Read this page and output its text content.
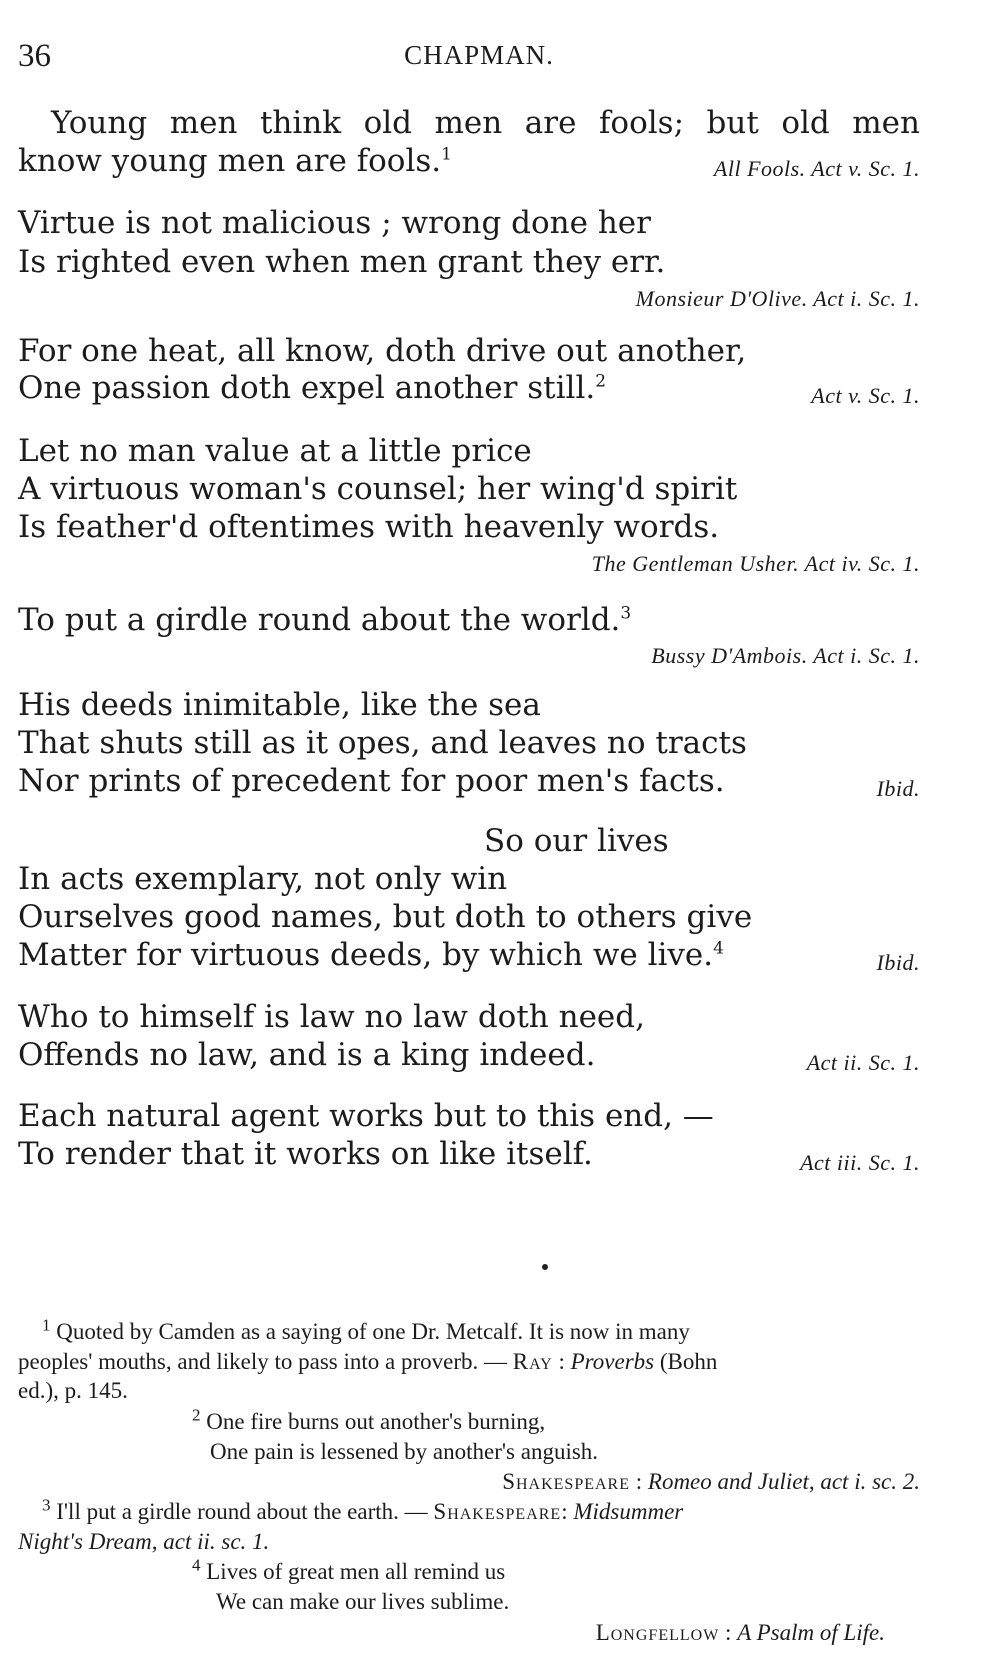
36	CHAPMAN.
Young men think old men are fools; but old men
know young men are fools.$^1$
All Fools. Act v. Sc. 1.
Virtue is not malicious ; wrong done her
Is righted even when men grant they err.
Monsieur D'Olive. Act i. Sc. 1.
For one heat, all know, doth drive out another,
One passion doth expel another still.$^2$
Act v. Sc. 1.
Let no man value at a little price
A virtuous woman's counsel; her wing'd spirit
Is feather'd oftentimes with heavenly words.
The Gentleman Usher. Act iv. Sc. 1.
To put a girdle round about the world.$^3$
Bussy D'Ambois. Act i. Sc. 1.
His deeds inimitable, like the sea
That shuts still as it opes, and leaves no tracts
Nor prints of precedent for poor men's facts.	Ibid.
So our lives
In acts exemplary, not only win
Ourselves good names, but doth to others give
Matter for virtuous deeds, by which we live.$^4$
Ibid.
Who to himself is law no law doth need,
Offends no law, and is a king indeed.	Act ii. Sc. 1.
Each natural agent works but to this end, —
To render that it works on like itself.	Act iii. Sc. 1.
$^1$ Quoted by Camden as a saying of one Dr. Metcalf. It is now in many
peoples' mouths, and likely to pass into a proverb. — Ray : Proverbs (Bohn
ed.), p. 145.
$^2$ One fire burns out another's burning,
One pain is lessened by another's anguish.
Shakespeare : Romeo and Juliet, act i. sc. 2.
$^3$ I'll put a girdle round about the earth. — Shakespeare: Midsummer
Night's Dream, act ii. sc. 1.
$^4$ Lives of great men all remind us
We can make our lives sublime.
Longfellow : A Psalm of Life.
